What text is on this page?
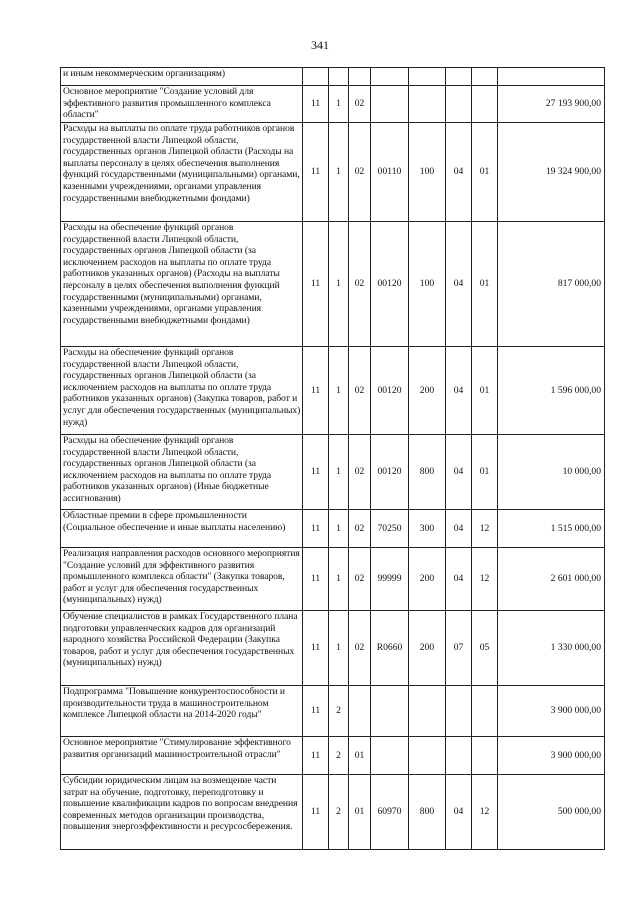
341
и иным некоммерческим организациям)								
Основное мероприятие "Создание условий для эффективного развития промышленного комплекса области"	11	1	02					27 193 900,00
Расходы на выплаты по оплате труда работников органов государственной власти Липецкой области, государственных органов Липецкой области (Расходы на выплаты персоналу в целях обеспечения выполнения функций государственными (муниципальными) органами, казенными учреждениями, органами управления государственными внебюджетными фондами)	11	1	02	00110	100	04	01	19 324 900,00
Расходы на обеспечение функций органов государственной власти Липецкой области, государственных органов Липецкой области (за исключением расходов на выплаты по оплате труда работников указанных органов) (Расходы на выплаты персоналу в целях обеспечения выполнения функций государственными (муниципальными) органами, казенными учреждениями, органами управления государственными внебюджетными фондами)	11	1	02	00120	100	04	01	817 000,00
Расходы на обеспечение функций органов государственной власти Липецкой области, государственных органов Липецкой области (за исключением расходов на выплаты по оплате труда работников указанных органов) (Закупка товаров, работ и услуг для обеспечения государственных (муниципальных) нужд)	11	1	02	00120	200	04	01	1 596 000,00
Расходы на обеспечение функций органов государственной власти Липецкой области, государственных органов Липецкой области (за исключением расходов на выплаты по оплате труда работников указанных органов) (Иные бюджетные ассигнования)	11	1	02	00120	800	04	01	10 000,00
Областные премии в сфере промышленности (Социальное обеспечение и иные выплаты населению)	11	1	02	70250	300	04	12	1 515 000,00
Реализация направления расходов основного мероприятия "Создание условий для эффективного развития промышленного комплекса области" (Закупка товаров, работ и услуг для обеспечения государственных (муниципальных) нужд)	11	1	02	99999	200	04	12	2 601 000,00
Обучение специалистов в рамках Государственного плана подготовки управленческих кадров для организаций народного хозяйства Российской Федерации (Закупка товаров, работ и услуг для обеспечения государственных (муниципальных) нужд)	11	1	02	R0660	200	07	05	1 330 000,00
Подпрограмма "Повышение конкурентоспособности и производительности труда в машиностроительном комплексе Липецкой области на 2014-2020 годы"	11	2						3 900 000,00
Основное мероприятие "Стимулирование эффективного развития организаций машиностроительной отрасли"	11	2	01					3 900 000,00
Субсидии юридическим лицам на возмещение части затрат на обучение, подготовку, переподготовку и повышение квалификации кадров по вопросам внедрения современных методов организации производства, повышения энергоэффективности и ресурсосбережения.	11	2	01	60970	800	04	12	500 000,00
